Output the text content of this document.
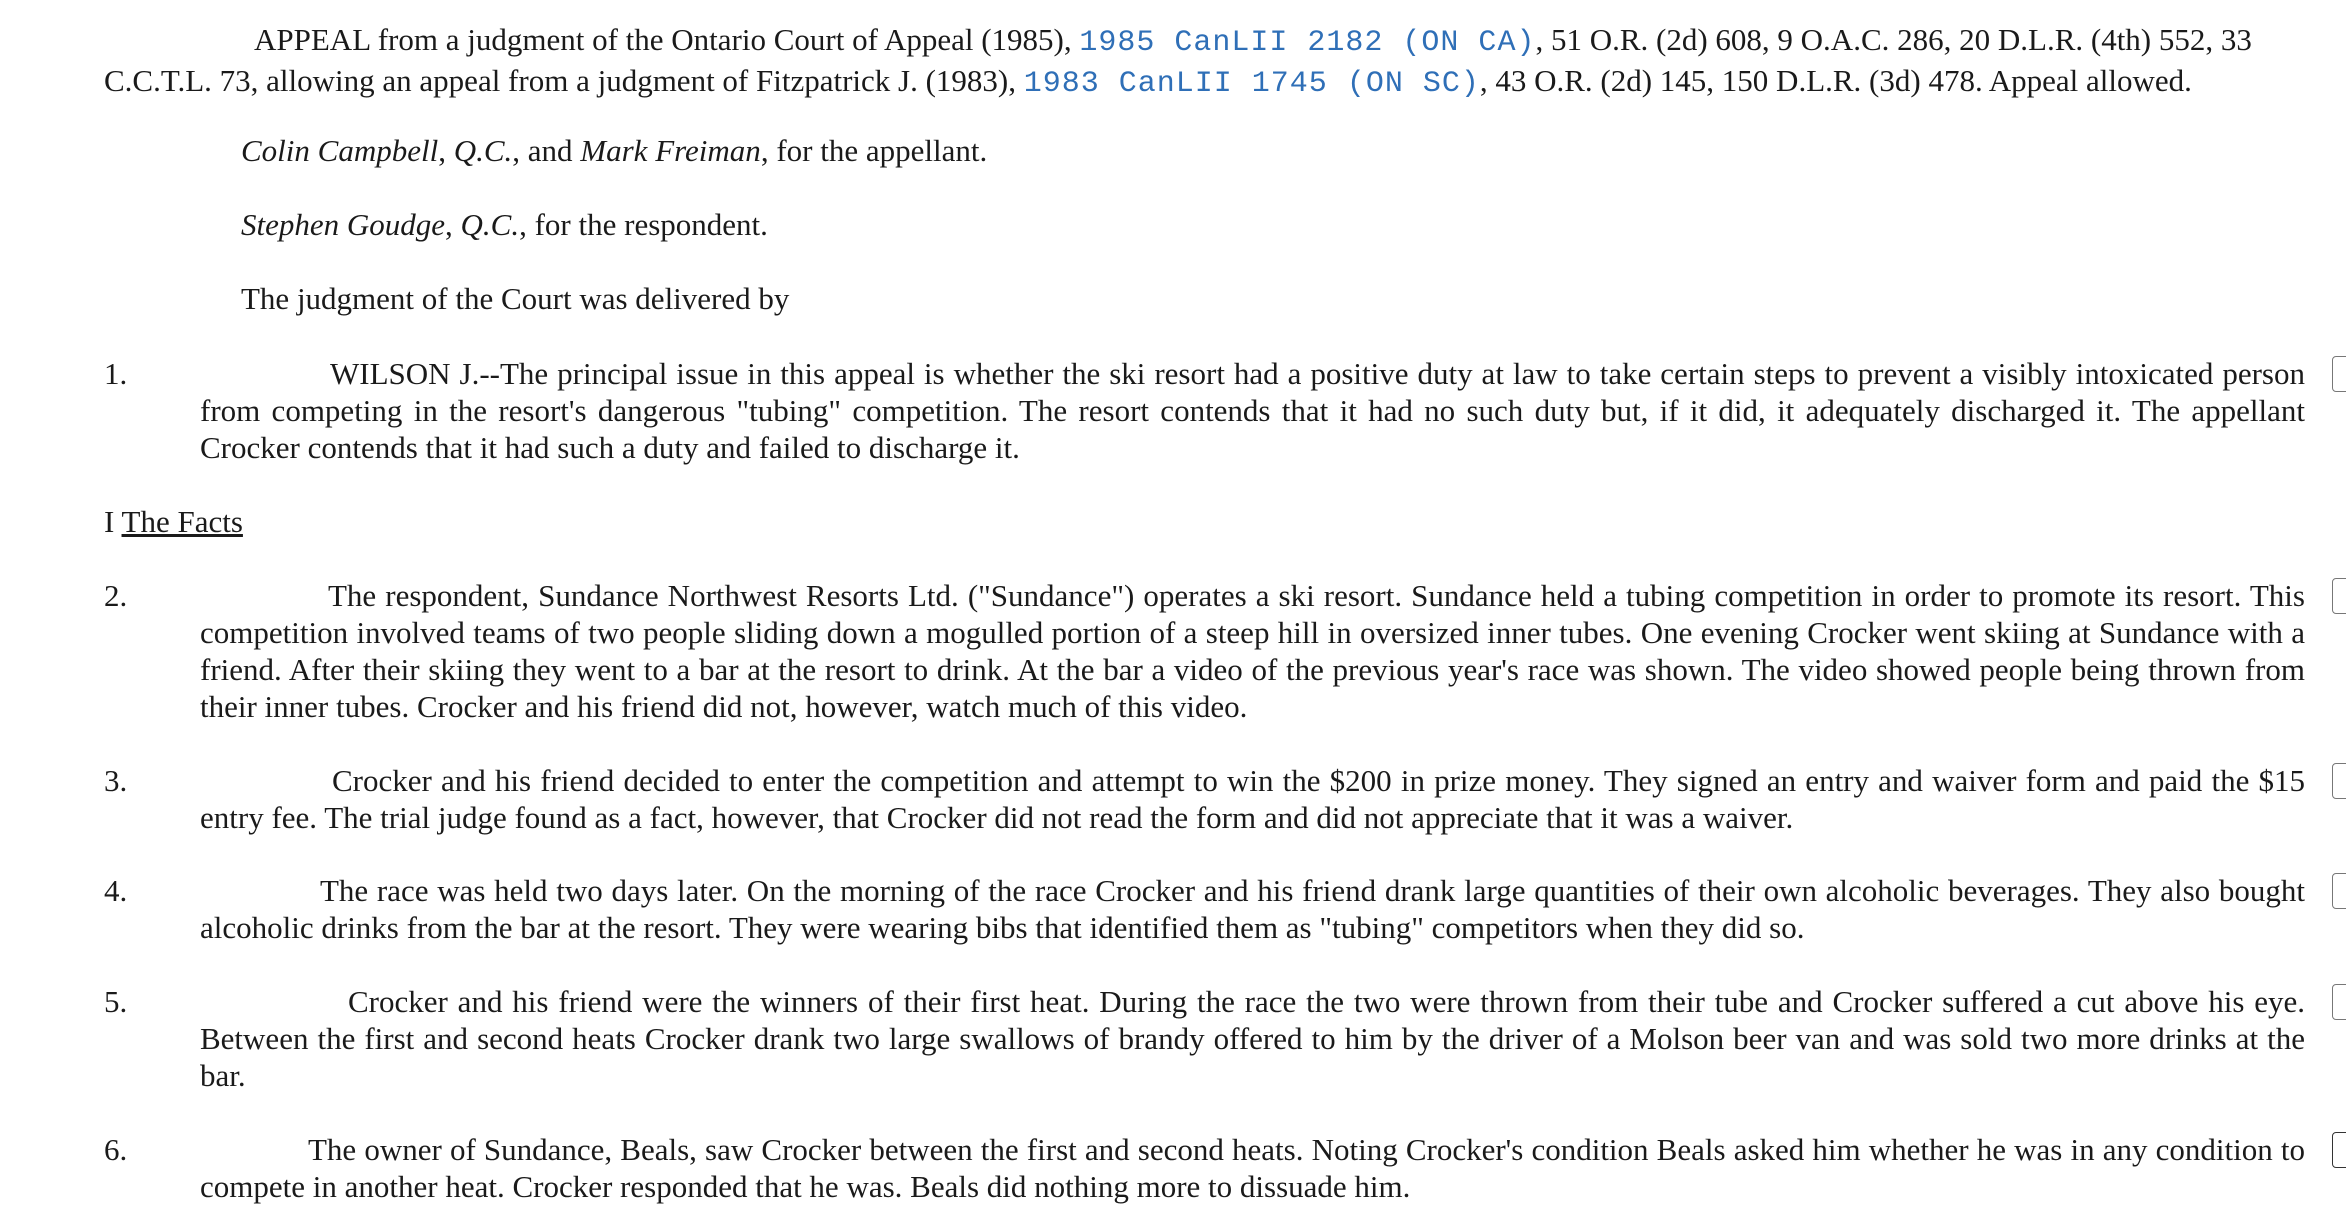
APPEAL from a judgment of the Ontario Court of Appeal (1985), 1985 CanLII 2182 (ON CA), 51 O.R. (2d) 608, 9 O.A.C. 286, 20 D.L.R. (4th) 552, 33 C.C.T.L. 73, allowing an appeal from a judgment of Fitzpatrick J. (1983), 1983 CanLII 1745 (ON SC), 43 O.R. (2d) 145, 150 D.L.R. (3d) 478. Appeal allowed.
Colin Campbell, Q.C., and Mark Freiman, for the appellant.
Stephen Goudge, Q.C., for the respondent.
The judgment of the Court was delivered by
1.	WILSON J.--The principal issue in this appeal is whether the ski resort had a positive duty at law to take certain steps to prevent a visibly intoxicated person from competing in the resort's dangerous "tubing" competition. The resort contends that it had no such duty but, if it did, it adequately discharged it. The appellant Crocker contends that it had such a duty and failed to discharge it.
I The Facts
2.	The respondent, Sundance Northwest Resorts Ltd. ("Sundance") operates a ski resort. Sundance held a tubing competition in order to promote its resort. This competition involved teams of two people sliding down a mogulled portion of a steep hill in oversized inner tubes. One evening Crocker went skiing at Sundance with a friend. After their skiing they went to a bar at the resort to drink. At the bar a video of the previous year's race was shown. The video showed people being thrown from their inner tubes. Crocker and his friend did not, however, watch much of this video.
3.	Crocker and his friend decided to enter the competition and attempt to win the $200 in prize money. They signed an entry and waiver form and paid the $15 entry fee. The trial judge found as a fact, however, that Crocker did not read the form and did not appreciate that it was a waiver.
4.	The race was held two days later. On the morning of the race Crocker and his friend drank large quantities of their own alcoholic beverages. They also bought alcoholic drinks from the bar at the resort. They were wearing bibs that identified them as "tubing" competitors when they did so.
5.	Crocker and his friend were the winners of their first heat. During the race the two were thrown from their tube and Crocker suffered a cut above his eye. Between the first and second heats Crocker drank two large swallows of brandy offered to him by the driver of a Molson beer van and was sold two more drinks at the bar.
6.	The owner of Sundance, Beals, saw Crocker between the first and second heats. Noting Crocker's condition Beals asked him whether he was in any condition to compete in another heat. Crocker responded that he was. Beals did nothing more to dissuade him.
